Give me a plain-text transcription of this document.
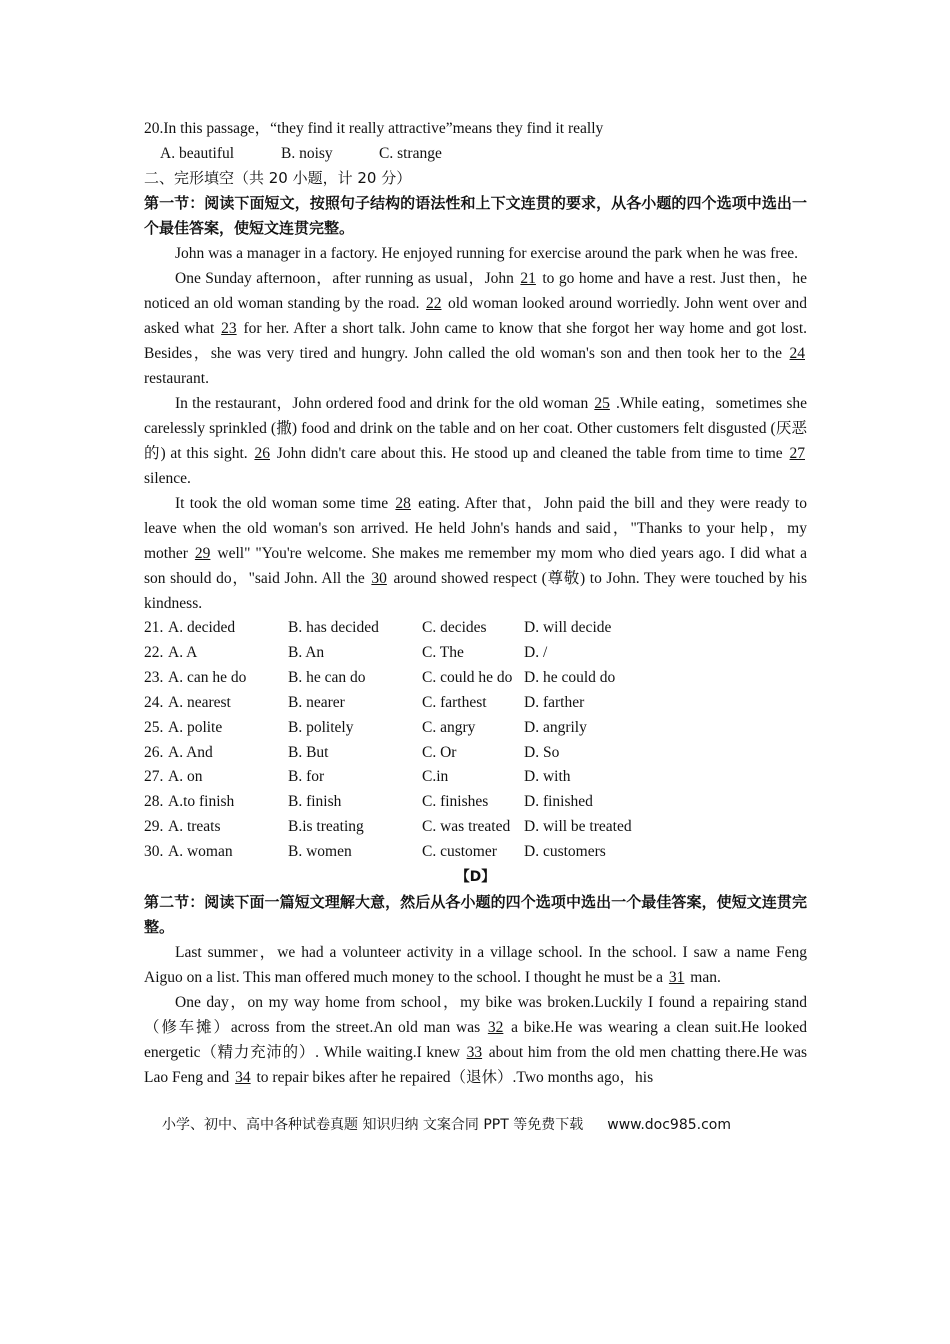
20.In this passage，“they find it really attractive”means they find it really
A. beautiful	B. noisy	C. strange
二、完形填空（共 20 小题，计 20 分）
第一节：阅读下面短文，按照句子结构的语法性和上下文连贯的要求，从各小题的四个选项中选出一个最佳答案，使短文连贯完整。

John was a manager in a factory. He enjoyed running for exercise around the park when he was free.

One Sunday afternoon，after running as usual，John 21 to go home and have a rest. Just then，he noticed an old woman standing by the road. 22 old woman looked around worriedly. John went over and asked what 23 for her. After a short talk. John came to know that she forgot her way home and got lost. Besides，she was very tired and hungry. John called the old woman's son and then took her to the 24 restaurant.

In the restaurant，John ordered food and drink for the old woman 25 .While eating，sometimes she carelessly sprinkled (撒) food and drink on the table and on her coat. Other customers felt disgusted (厌恶的) at this sight. 26 John didn't care about this. He stood up and cleaned the table from time to time 27 silence.

It took the old woman some time 28 eating. After that，John paid the bill and they were ready to leave when the old woman's son arrived. He held John's hands and said，"Thanks to your help，my mother 29 well" "You're welcome. She makes me remember my mom who died years ago. I did what a son should do，"said John. All the 30 around showed respect (尊敬) to John. They were touched by his kindness.

21. A. decided	B. has decided	C. decides	D. will decide
22. A. A	B. An	C. The	D. /
23. A. can he do	B. he can do	C. could he do D. he could do
24. A. nearest	B. nearer	C. farthest	D. farther
25. A. polite	B. politely	C. angry	D. angrily
26. A. And	B. But	C. Or	D. So
27. A. on	B. for	C.in	D. with
28. A.to finish	B. finish	C. finishes	D. finished
29. A. treats	B.is treating	C. was treated D. will be treated
30. A. woman	B. women	C. customer	D. customers
【D】
第二节：阅读下面一篇短文理解大意，然后从各小题的四个选项中选出一个最佳答案，使短文连贯完整。

Last summer，we had a volunteer activity in a village school. In the school. I saw a name Feng Aiguo on a list. This man offered much money to the school. I thought he must be a 31 man.

One day，on my way home from school，my bike was broken.Luckily I found a repairing stand（修车摊）across from the street.An old man was 32 a bike.He was wearing a clean suit.He looked energetic（精力充沛的）. While waiting.I knew 33 about him from the old men chatting there.He was Lao Feng and 34 to repair bikes after he repaired（退休）.Two months ago，his

小学、初中、高中各种试卷真题 知识归纳 文案合同 PPT 等免费下载 www.doc985.com
